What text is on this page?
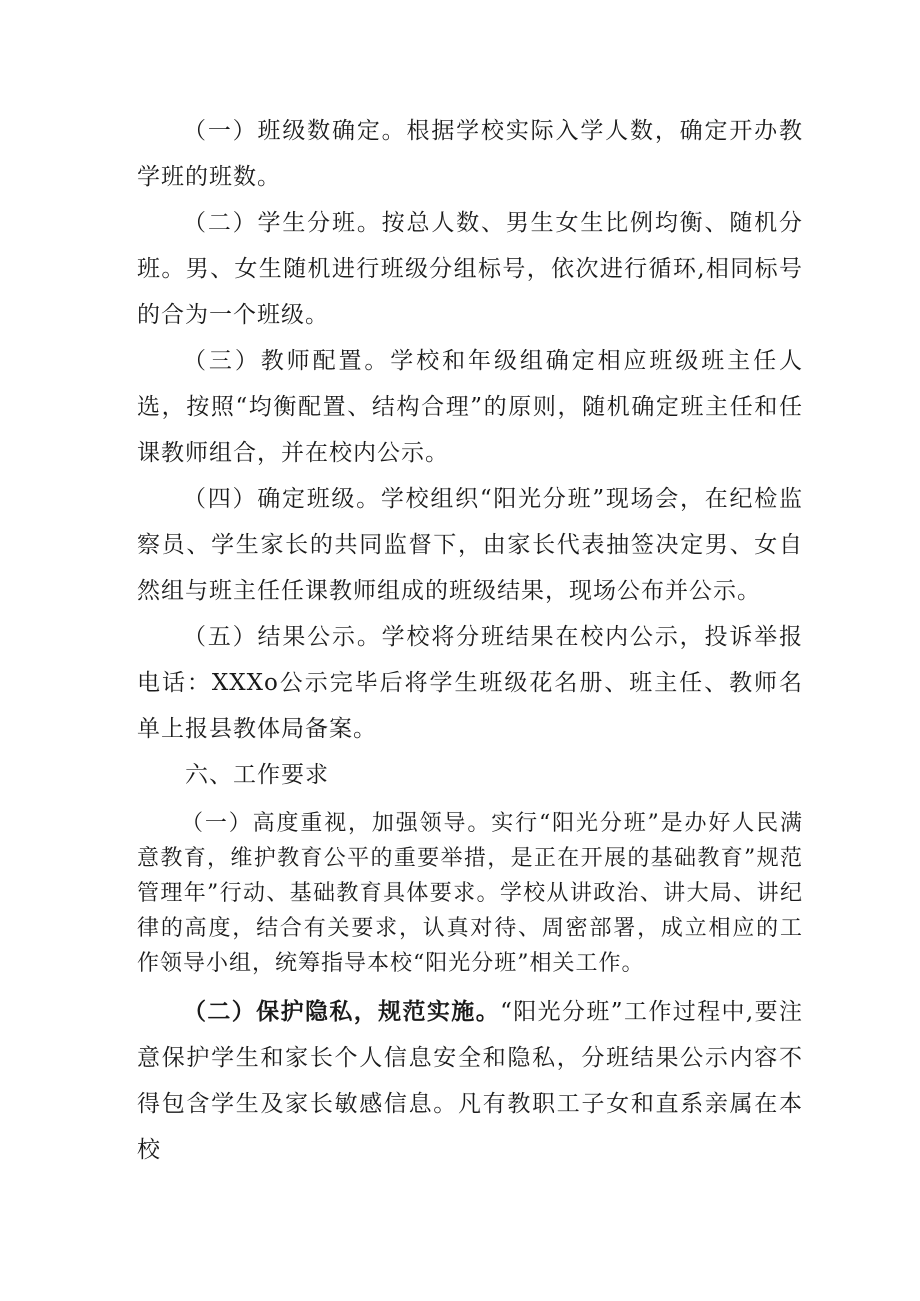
（一）班级数确定。根据学校实际入学人数，确定开办教学班的班数。

（二）学生分班。按总人数、男生女生比例均衡、随机分班。男、女生随机进行班级分组标号，依次进行循环,相同标号的合为一个班级。

（三）教师配置。学校和年级组确定相应班级班主任人选，按照“均衡配置、结构合理”的原则，随机确定班主任和任课教师组合，并在校内公示。

（四）确定班级。学校组织“阳光分班”现场会，在纪检监察员、学生家长的共同监督下，由家长代表抽签决定男、女自然组与班主任任课教师组成的班级结果，现场公布并公示。

（五）结果公示。学校将分班结果在校内公示，投诉举报电话：XXXo公示完毕后将学生班级花名册、班主任、教师名单上报县教体局备案。

六、工作要求

（一）高度重视，加强领导。实行“阳光分班”是办好人民满意教育，维护教育公平的重要举措，是正在开展的基础教育”规范管理年”行动、基础教育具体要求。学校从讲政治、讲大局、讲纪律的高度，结合有关要求，认真对待、周密部署，成立相应的工作领导小组，统筹指导本校“阳光分班”相关工作。

（二）保护隐私，规范实施。“阳光分班”工作过程中,要注意保护学生和家长个人信息安全和隐私，分班结果公示内容不得包含学生及家长敏感信息。凡有教职工子女和直系亲属在本校
